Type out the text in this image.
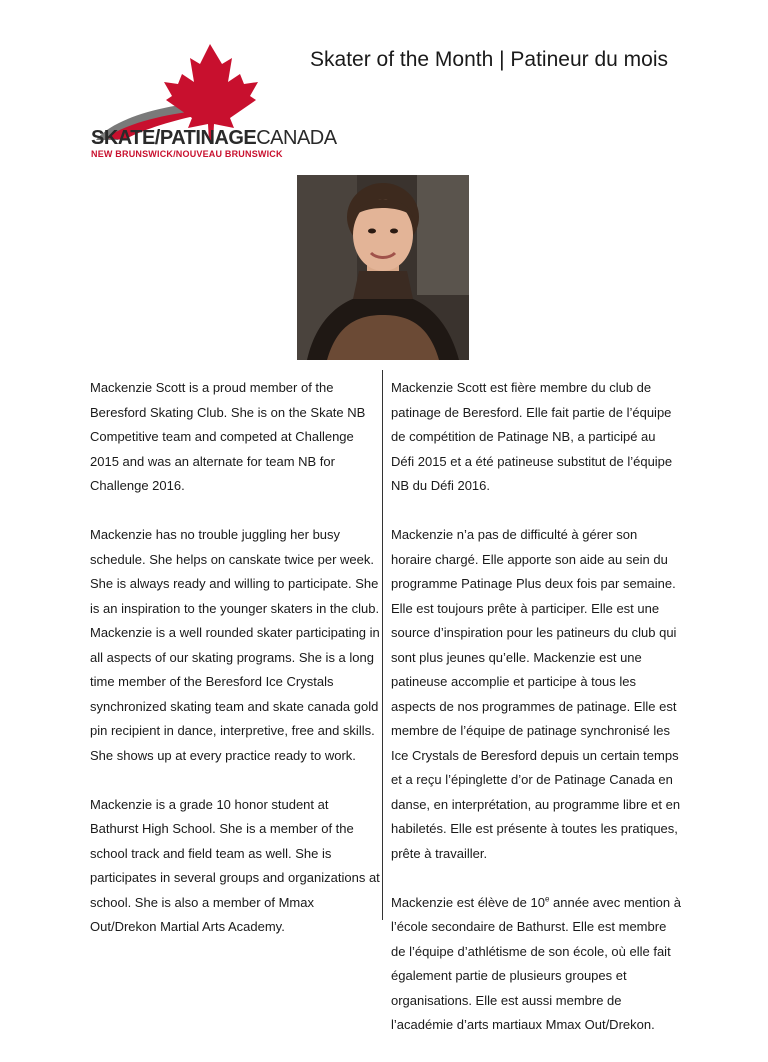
Skater of the Month | Patineur du mois
SKATE/PATINAGECANADA
NEW BRUNSWICK/NOUVEAU BRUNSWICK

Mackenzie Scott is a proud member of the Beresford Skating Club. She is on the Skate NB Competitive team and competed at Challenge 2015 and was an alternate for team NB for Challenge 2016.

Mackenzie has no trouble juggling her busy schedule. She helps on canskate twice per week. She is always ready and willing to participate. She is an inspiration to the younger skaters in the club. Mackenzie is a well rounded skater participating in all aspects of our skating programs. She is a long time member of the Beresford Ice Crystals synchronized skating team and skate canada gold pin recipient in dance, interpretive, free and skills. She shows up at every practice ready to work.

Mackenzie is a grade 10 honor student at Bathurst High School. She is a member of the school track and field team as well. She is participates in several groups and organizations at school. She is also a member of Mmax Out/Drekon Martial Arts Academy.

Mackenzie Scott est fière membre du club de patinage de Beresford. Elle fait partie de l’équipe de compétition de Patinage NB, a participé au Défi 2015 et a été patineuse substitut de l’équipe NB du Défi 2016.

Mackenzie n’a pas de difficulté à gérer son horaire chargé. Elle apporte son aide au sein du programme Patinage Plus deux fois par semaine. Elle est toujours prête à participer. Elle est une source d’inspiration pour les patineurs du club qui sont plus jeunes qu’elle. Mackenzie est une patineuse accomplie et participe à tous les aspects de nos programmes de patinage. Elle est membre de l’équipe de patinage synchronisé les Ice Crystals de Beresford depuis un certain temps et a reçu l’épinglette d’or de Patinage Canada en danse, en interprétation, au programme libre et en habiletés. Elle est présente à toutes les pratiques, prête à travailler.

Mackenzie est élève de 10e année avec mention à l’école secondaire de Bathurst. Elle est membre de l’équipe d’athlétisme de son école, où elle fait également partie de plusieurs groupes et organisations. Elle est aussi membre de l’académie d’arts martiaux Mmax Out/Drekon.
